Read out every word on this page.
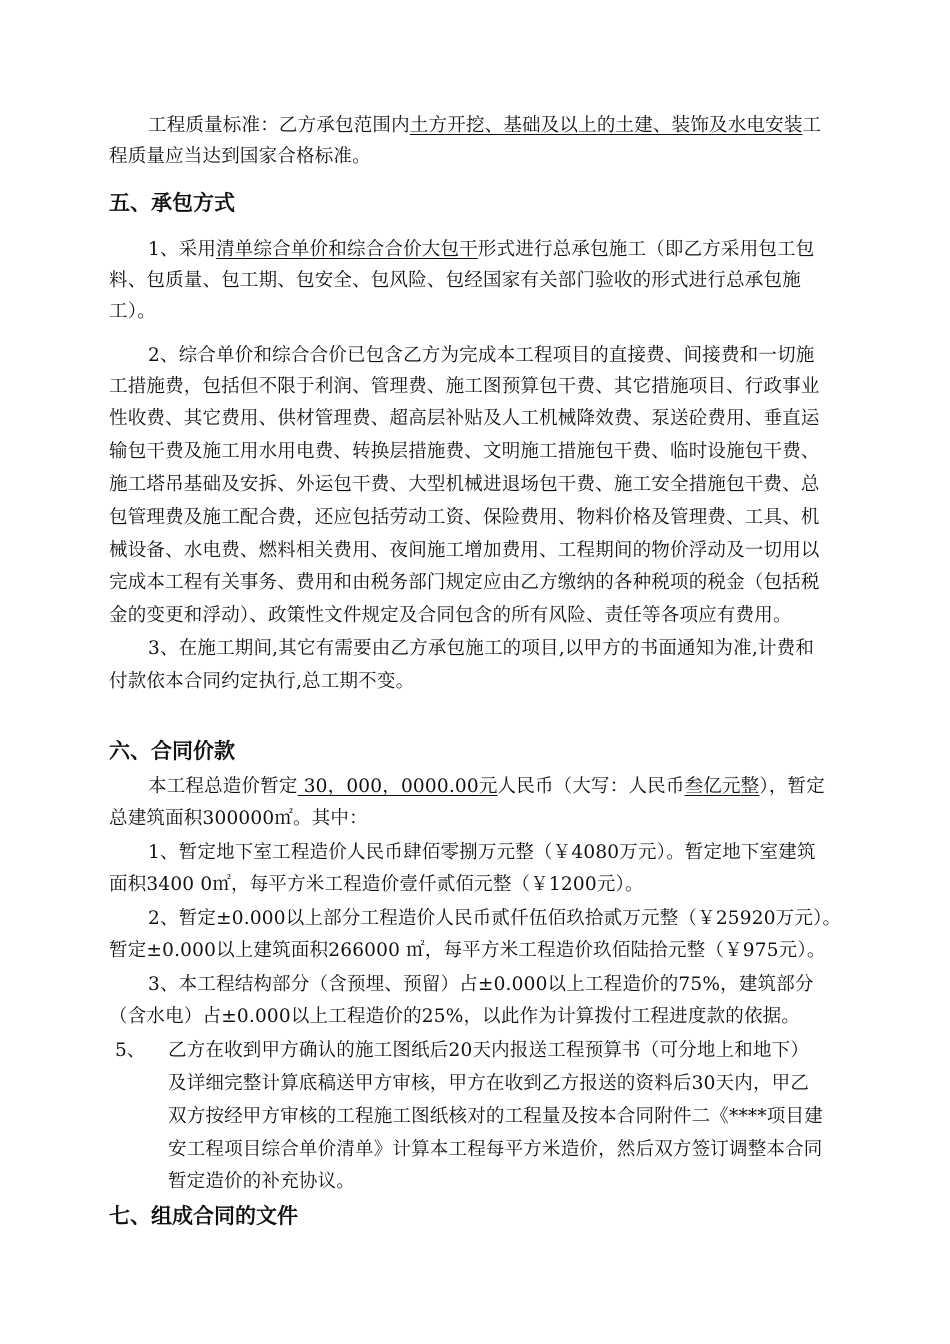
工程质量标准：乙方承包范围内土方开挖、基础及以上的土建、装饰及水电安装工
程质量应当达到国家合格标准。
五、承包方式
1、采用清单综合单价和综合合价大包干形式进行总承包施工（即乙方采用包工包
料、包质量、包工期、包安全、包风险、包经国家有关部门验收的形式进行总承包施
工）。
2、综合单价和综合合价已包含乙方为完成本工程项目的直接费、间接费和一切施
工措施费，包括但不限于利润、管理费、施工图预算包干费、其它措施项目、行政事业
性收费、其它费用、供材管理费、超高层补贴及人工机械降效费、泵送砼费用、垂直运
输包干费及施工用水用电费、转换层措施费、文明施工措施包干费、临时设施包干费、
施工塔吊基础及安拆、外运包干费、大型机械进退场包干费、施工安全措施包干费、总
包管理费及施工配合费，还应包括劳动工资、保险费用、物料价格及管理费、工具、机
械设备、水电费、燃料相关费用、夜间施工增加费用、工程期间的物价浮动及一切用以
完成本工程有关事务、费用和由税务部门规定应由乙方缴纳的各种税项的税金（包括税
金的变更和浮动）、政策性文件规定及合同包含的所有风险、责任等各项应有费用。
3、在施工期间,其它有需要由乙方承包施工的项目,以甲方的书面通知为准,计费和
付款依本合同约定执行,总工期不变。
六、合同价款
本工程总造价暂定 30，000，0000.00元人民币（大写：人民币叁亿元整），暂定
总建筑面积300000㎡。其中：
1、暂定地下室工程造价人民币肆佰零捌万元整（￥4080万元）。暂定地下室建筑
面积3400 0㎡，每平方米工程造价壹仟贰佰元整（￥1200元）。
2、暂定±0.000以上部分工程造价人民币贰仟伍佰玖拾贰万元整（￥25920万元）。
暂定±0.000以上建筑面积266000 ㎡，每平方米工程造价玖佰陆拾元整（￥975元）。
3、本工程结构部分（含预埋、预留）占±0.000以上工程造价的75%，建筑部分
（含水电）占±0.000以上工程造价的25%，以此作为计算拨付工程进度款的依据。
5、 乙方在收到甲方确认的施工图纸后20天内报送工程预算书（可分地上和地下）
及详细完整计算底稿送甲方审核，甲方在收到乙方报送的资料后30天内，甲乙
双方按经甲方审核的工程施工图纸核对的工程量及按本合同附件二《****项目建
安工程项目综合单价清单》计算本工程每平方米造价，然后双方签订调整本合同
暂定造价的补充协议。
七、组成合同的文件
